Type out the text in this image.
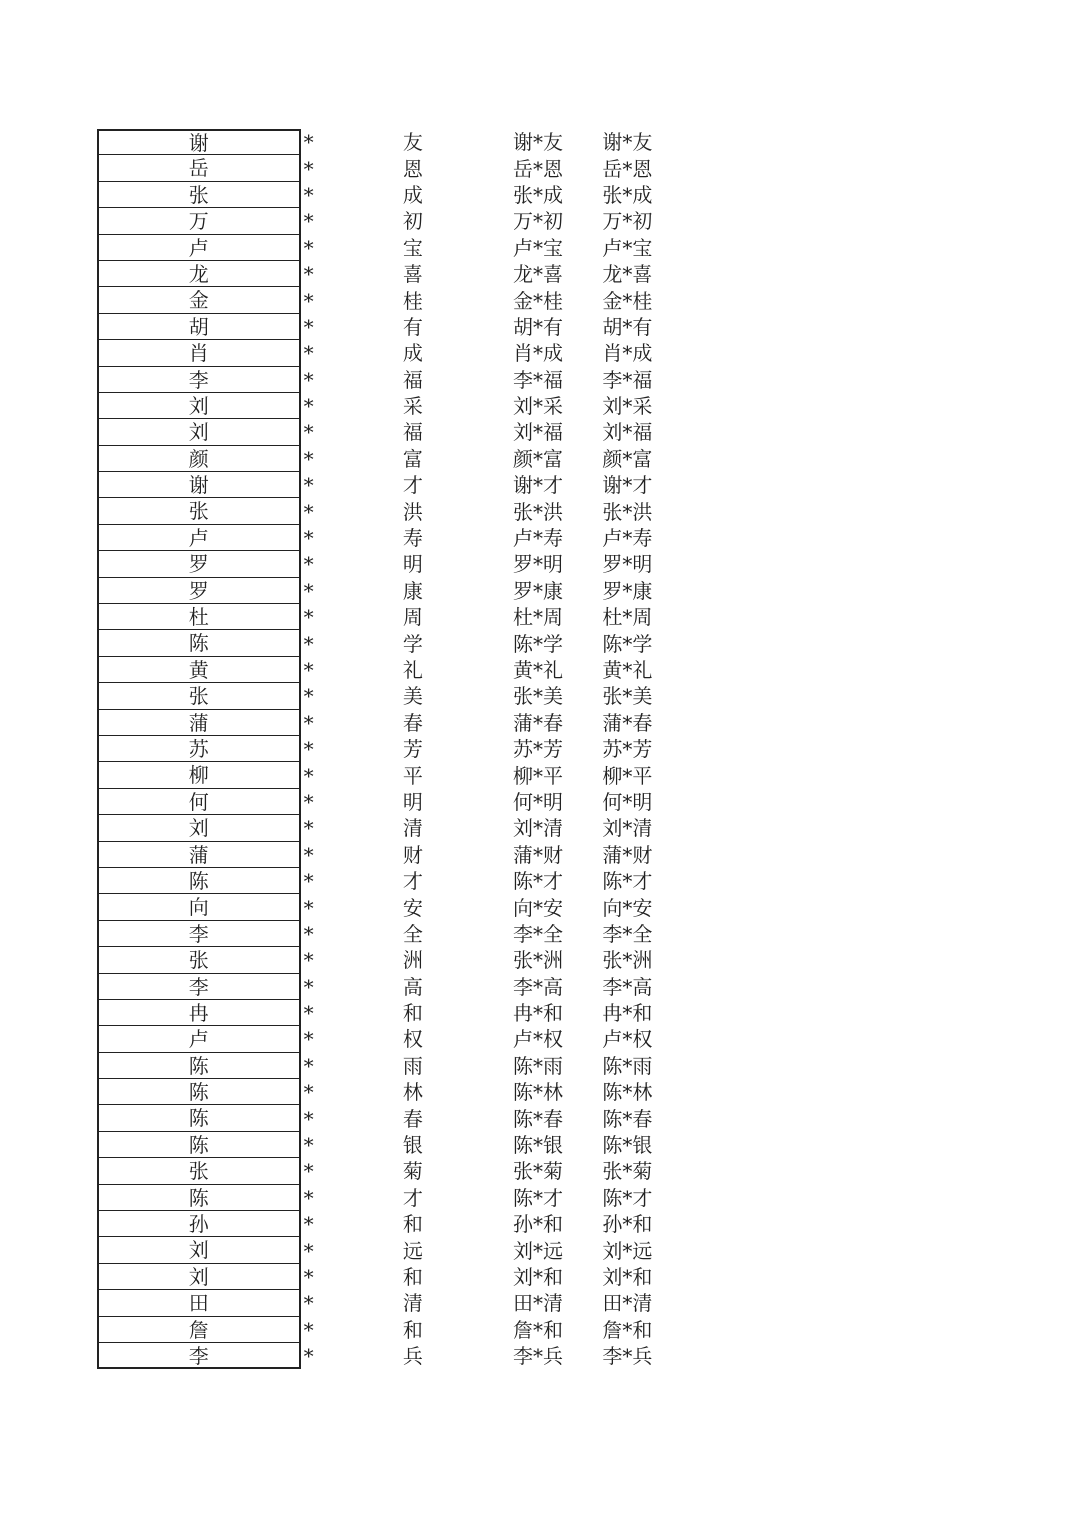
谢	*	友	谢*友	谢*友
岳	*	恩	岳*恩	岳*恩
张	*	成	张*成	张*成
万	*	初	万*初	万*初
卢	*	宝	卢*宝	卢*宝
龙	*	喜	龙*喜	龙*喜
金	*	桂	金*桂	金*桂
胡	*	有	胡*有	胡*有
肖	*	成	肖*成	肖*成
李	*	福	李*福	李*福
刘	*	采	刘*采	刘*采
刘	*	福	刘*福	刘*福
颜	*	富	颜*富	颜*富
谢	*	才	谢*才	谢*才
张	*	洪	张*洪	张*洪
卢	*	寿	卢*寿	卢*寿
罗	*	明	罗*明	罗*明
罗	*	康	罗*康	罗*康
杜	*	周	杜*周	杜*周
陈	*	学	陈*学	陈*学
黄	*	礼	黄*礼	黄*礼
张	*	美	张*美	张*美
蒲	*	春	蒲*春	蒲*春
苏	*	芳	苏*芳	苏*芳
柳	*	平	柳*平	柳*平
何	*	明	何*明	何*明
刘	*	清	刘*清	刘*清
蒲	*	财	蒲*财	蒲*财
陈	*	才	陈*才	陈*才
向	*	安	向*安	向*安
李	*	全	李*全	李*全
张	*	洲	张*洲	张*洲
李	*	高	李*高	李*高
冉	*	和	冉*和	冉*和
卢	*	权	卢*权	卢*权
陈	*	雨	陈*雨	陈*雨
陈	*	林	陈*林	陈*林
陈	*	春	陈*春	陈*春
陈	*	银	陈*银	陈*银
张	*	菊	张*菊	张*菊
陈	*	才	陈*才	陈*才
孙	*	和	孙*和	孙*和
刘	*	远	刘*远	刘*远
刘	*	和	刘*和	刘*和
田	*	清	田*清	田*清
詹	*	和	詹*和	詹*和
李	*	兵	李*兵	李*兵
